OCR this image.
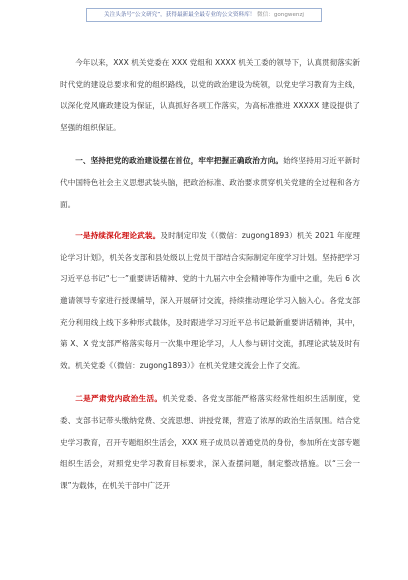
关注头条号“公文研究”，获得最新最全最专业的公文资料库！ 微信：gongwenzj

今年以来，XXX 机关党委在 XXX 党组和 XXXX 机关工委的领导下，认真贯彻落实新时代党的建设总要求和党的组织路线，以党的政治建设为统领，以党史学习教育为主线，以深化党风廉政建设为保证，认真抓好各项工作落实，为高标准推进 XXXXX 建设提供了坚强的组织保证。

一、坚持把党的政治建设摆在首位，牢牢把握正确政治方向。始终坚持用习近平新时代中国特色社会主义思想武装头脑，把政治标准、政治要求贯穿机关党建的全过程和各方面。

一是持续深化理论武装。及时制定印发《（微信：zugong1893）机关 2021 年度理论学习计划》，机关各支部和县处级以上党员干部结合实际制定年度学习计划。坚持把学习习近平总书记“七一”重要讲话精神、党的十九届六中全会精神等作为重中之重，先后 6 次邀请领导专家进行授课辅导，深入开展研讨交流，持续推动理论学习入脑入心。各党支部充分利用线上线下多种形式载体，及时跟进学习习近平总书记最新重要讲话精神，其中，第 X、X 党支部严格落实每月一次集中理论学习，人人参与研讨交流，抓理论武装及时有效。机关党委《（微信：zugong1893）》在机关党建交流会上作了交流。

二是严肃党内政治生活。机关党委、各党支部能严格落实经常性组织生活制度，党委、支部书记带头缴纳党费、交流思想、讲授党课，营造了浓厚的政治生活氛围。结合党史学习教育，召开专题组织生活会，XXX 班子成员以普通党员的身份，参加所在支部专题组织生活会，对照党史学习教育目标要求，深入查摆问题，制定整改措施。以“三会一课”为载体，在机关干部中广泛开
